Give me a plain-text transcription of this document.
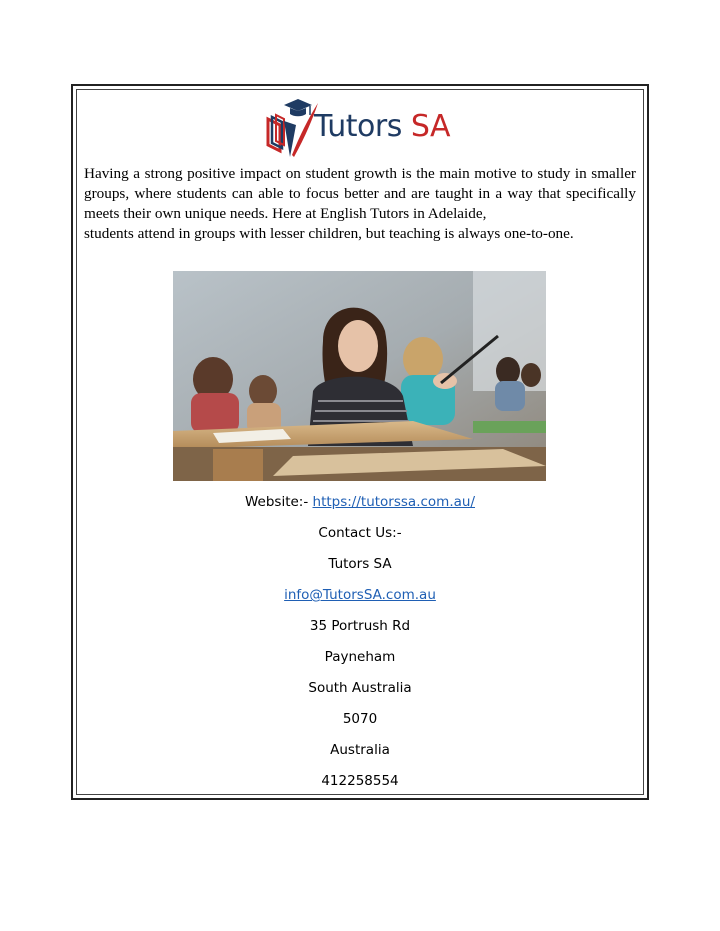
Tutors SA

Having a strong positive impact on student growth is the main motive to study in smaller groups, where students can able to focus better and are taught in a way that specifically meets their own unique needs. Here at English Tutors in Adelaide,
students attend in groups with lesser children, but teaching is always one-to-one.

Website:- https://tutorssa.com.au/
Contact Us:-
Tutors SA
info@TutorsSA.com.au
35 Portrush Rd
Payneham
South Australia
5070
Australia
412258554
